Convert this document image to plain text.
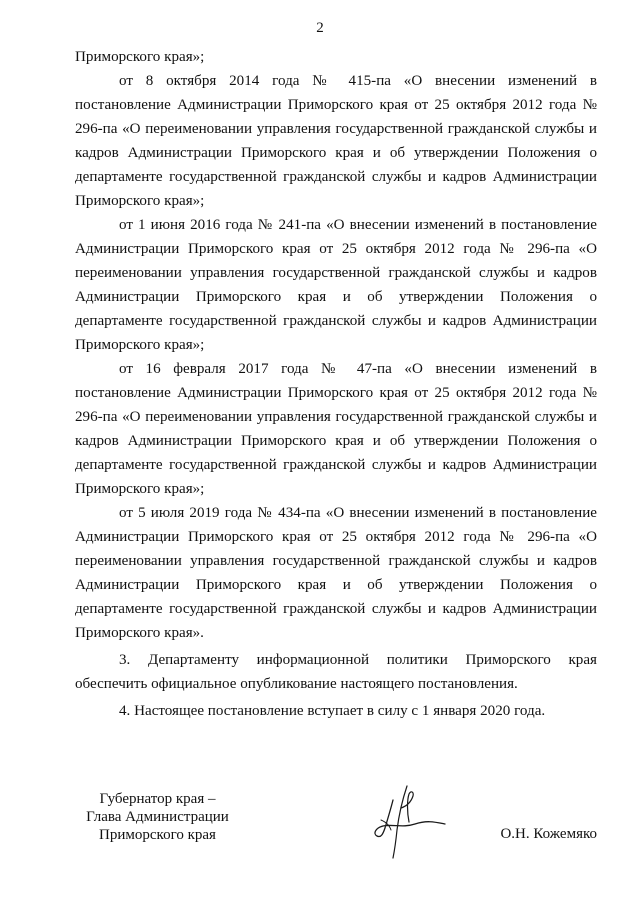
2

Приморского края»;

от 8 октября 2014 года № 415-па «О внесении изменений в постановление Администрации Приморского края от 25 октября 2012 года № 296-па «О переименовании управления государственной гражданской службы и кадров Администрации Приморского края и об утверждении Положения о департаменте государственной гражданской службы и кадров Администрации Приморского края»;

от 1 июня 2016 года № 241-па «О внесении изменений в постановление Администрации Приморского края от 25 октября 2012 года № 296-па «О переименовании управления государственной гражданской службы и кадров Администрации Приморского края и об утверждении Положения о департаменте государственной гражданской службы и кадров Администрации Приморского края»;

от 16 февраля 2017 года № 47-па «О внесении изменений в постановление Администрации Приморского края от 25 октября 2012 года № 296-па «О переименовании управления государственной гражданской службы и кадров Администрации Приморского края и об утверждении Положения о департаменте государственной гражданской службы и кадров Администрации Приморского края»;

от 5 июля 2019 года № 434-па «О внесении изменений в постановление Администрации Приморского края от 25 октября 2012 года № 296-па «О переименовании управления государственной гражданской службы и кадров Администрации Приморского края и об утверждении Положения о департаменте государственной гражданской службы и кадров Администрации Приморского края».

3. Департаменту информационной политики Приморского края обеспечить официальное опубликование настоящего постановления.

4. Настоящее постановление вступает в силу с 1 января 2020 года.

Губернатор края –
Глава Администрации
Приморского края	О.Н. Кожемяко
